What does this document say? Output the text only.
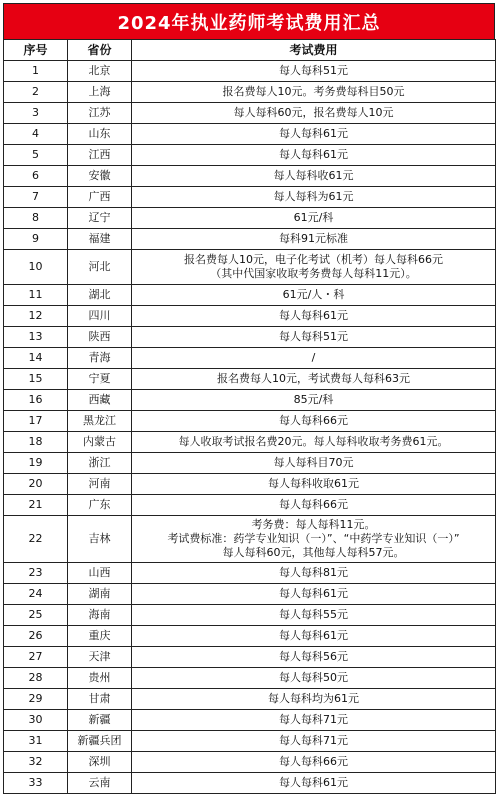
2024年执业药师考试费用汇总
序号	省份	考试费用
1	北京	每人每科51元

2	上海	报名费每人10元。考务费每科目50元

3	江苏	每人每科60元，报名费每人10元

4	山东	每人每科61元

5	江西	每人每科61元

6	安徽	每人每科收61元

7	广西	每人每科为61元

8	辽宁	61元/科

9	福建	每科91元标准

10	河北	报名费每人10元，电子化考试（机考）每人每科66元
（其中代国家收取考务费每人每科11元）。

11	湖北	61元/人・科

12	四川	每人每科61元

13	陕西	每人每科51元

14	青海	/

15	宁夏	报名费每人10元，考试费每人每科63元

16	西藏	85元/科

17	黑龙江	每人每科66元

18	内蒙古	每人收取考试报名费20元。每人每科收取考务费61元。

19	浙江	每人每科目70元

20	河南	每人每科收取61元

21	广东	每人每科66元

22	吉林	考务费：每人每科11元。
考试费标准：药学专业知识（一）”、“中药学专业知识（一）”
每人每科60元，其他每人每科57元。

23	山西	每人每科81元

24	湖南	每人每科61元

25	海南	每人每科55元

26	重庆	每人每科61元

27	天津	每人每科56元

28	贵州	每人每科50元

29	甘肃	每人每科均为61元

30	新疆	每人每科71元

31	新疆兵团	每人每科71元

32	深圳	每人每科66元

33	云南	每人每科61元
